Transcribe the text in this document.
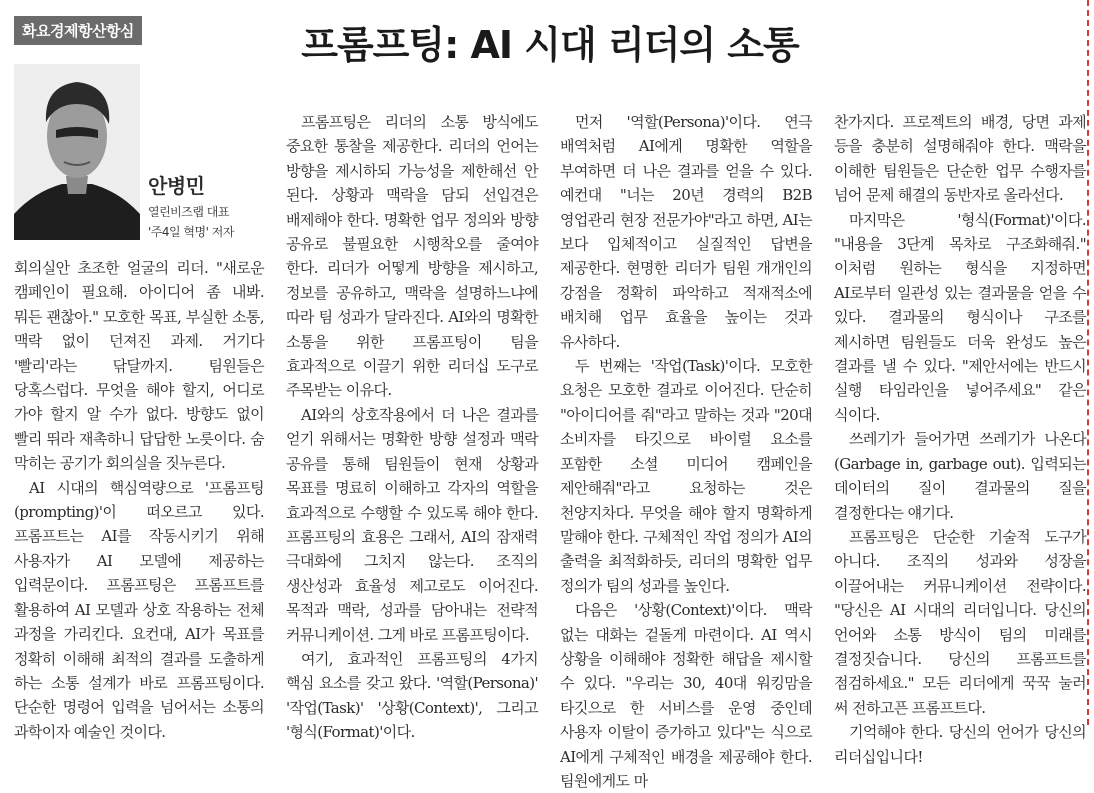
화요경제항산항심	프롬프팅: AI 시대 리더의 소통
안병민
열린비즈랩 대표
'주4일 혁명' 저자

회의실안 초조한 얼굴의 리더. "새로운 캠페인이 필요해. 아이디어 좀 내봐. 뭐든 괜찮아." 모호한 목표, 부실한 소통, 맥락 없이 던져진 과제. 거기다 '빨리'라는 닦달까지. 팀원들은 당혹스럽다. 무엇을 해야 할지, 어디로 가야 할지 알 수가 없다. 방향도 없이 빨리 뛰라 재촉하니 답답한 노릇이다. 숨 막히는 공기가 회의실을 짓누른다.

AI 시대의 핵심역량으로 '프롬프팅(prompting)'이 떠오르고 있다. 프롬프트는 AI를 작동시키기 위해 사용자가 AI 모델에 제공하는 입력문이다. 프롬프팅은 프롬프트를 활용하여 AI 모델과 상호 작용하는 전체 과정을 가리킨다. 요컨대, AI가 목표를 정확히 이해해 최적의 결과를 도출하게 하는 소통 설계가 바로 프롬프팅이다. 단순한 명령어 입력을 넘어서는 소통의 과학이자 예술인 것이다.

프롬프팅은 리더의 소통 방식에도 중요한 통찰을 제공한다. 리더의 언어는 방향을 제시하되 가능성을 제한해선 안 된다. 상황과 맥락을 담되 선입견은 배제해야 한다. 명확한 업무 정의와 방향 공유로 불필요한 시행착오를 줄여야 한다. 리더가 어떻게 방향을 제시하고, 정보를 공유하고, 맥락을 설명하느냐에 따라 팀 성과가 달라진다. AI와의 명확한 소통을 위한 프롬프팅이 팀을 효과적으로 이끌기 위한 리더십 도구로 주목받는 이유다.

AI와의 상호작용에서 더 나은 결과를 얻기 위해서는 명확한 방향 설정과 맥락 공유를 통해 팀원들이 현재 상황과 목표를 명료히 이해하고 각자의 역할을 효과적으로 수행할 수 있도록 해야 한다. 프롬프팅의 효용은 그래서, AI의 잠재력 극대화에 그치지 않는다. 조직의 생산성과 효율성 제고로도 이어진다. 목적과 맥락, 성과를 담아내는 전략적 커뮤니케이션. 그게 바로 프롬프팅이다.

여기, 효과적인 프롬프팅의 4가지 핵심 요소를 갖고 왔다. '역할(Persona)' '작업(Task)' '상황(Context)', 그리고 '형식(Format)'이다.

먼저 '역할(Persona)'이다. 연극 배역처럼 AI에게 명확한 역할을 부여하면 더 나은 결과를 얻을 수 있다. 예컨대 "너는 20년 경력의 B2B 영업관리 현장 전문가야"라고 하면, AI는 보다 입체적이고 실질적인 답변을 제공한다. 현명한 리더가 팀원 개개인의 강점을 정확히 파악하고 적재적소에 배치해 업무 효율을 높이는 것과 유사하다.

두 번째는 '작업(Task)'이다. 모호한 요청은 모호한 결과로 이어진다. 단순히 "아이디어를 줘"라고 말하는 것과 "20대 소비자를 타깃으로 바이럴 요소를 포함한 소셜 미디어 캠페인을 제안해줘"라고 요청하는 것은 천양지차다. 무엇을 해야 할지 명확하게 말해야 한다. 구체적인 작업 정의가 AI의 출력을 최적화하듯, 리더의 명확한 업무 정의가 팀의 성과를 높인다.

다음은 '상황(Context)'이다. 맥락 없는 대화는 겉돌게 마련이다. AI 역시 상황을 이해해야 정확한 해답을 제시할 수 있다. "우리는 30, 40대 워킹맘을 타깃으로 한 서비스를 운영 중인데 사용자 이탈이 증가하고 있다"는 식으로 AI에게 구체적인 배경을 제공해야 한다. 팀원에게도 마

찬가지다. 프로젝트의 배경, 당면 과제 등을 충분히 설명해줘야 한다. 맥락을 이해한 팀원들은 단순한 업무 수행자를 넘어 문제 해결의 동반자로 올라선다.

마지막은 '형식(Format)'이다. "내용을 3단계 목차로 구조화해줘." 이처럼 원하는 형식을 지정하면 AI로부터 일관성 있는 결과물을 얻을 수 있다. 결과물의 형식이나 구조를 제시하면 팀원들도 더욱 완성도 높은 결과를 낼 수 있다. "제안서에는 반드시 실행 타임라인을 넣어주세요" 같은 식이다.

쓰레기가 들어가면 쓰레기가 나온다(Garbage in, garbage out). 입력되는 데이터의 질이 결과물의 질을 결정한다는 얘기다.

프롬프팅은 단순한 기술적 도구가 아니다. 조직의 성과와 성장을 이끌어내는 커뮤니케이션 전략이다. "당신은 AI 시대의 리더입니다. 당신의 언어와 소통 방식이 팀의 미래를 결정짓습니다. 당신의 프롬프트를 점검하세요." 모든 리더에게 꾹꾹 눌러 써 전하고픈 프롬프트다.

기억해야 한다. 당신의 언어가 당신의 리더십입니다!
